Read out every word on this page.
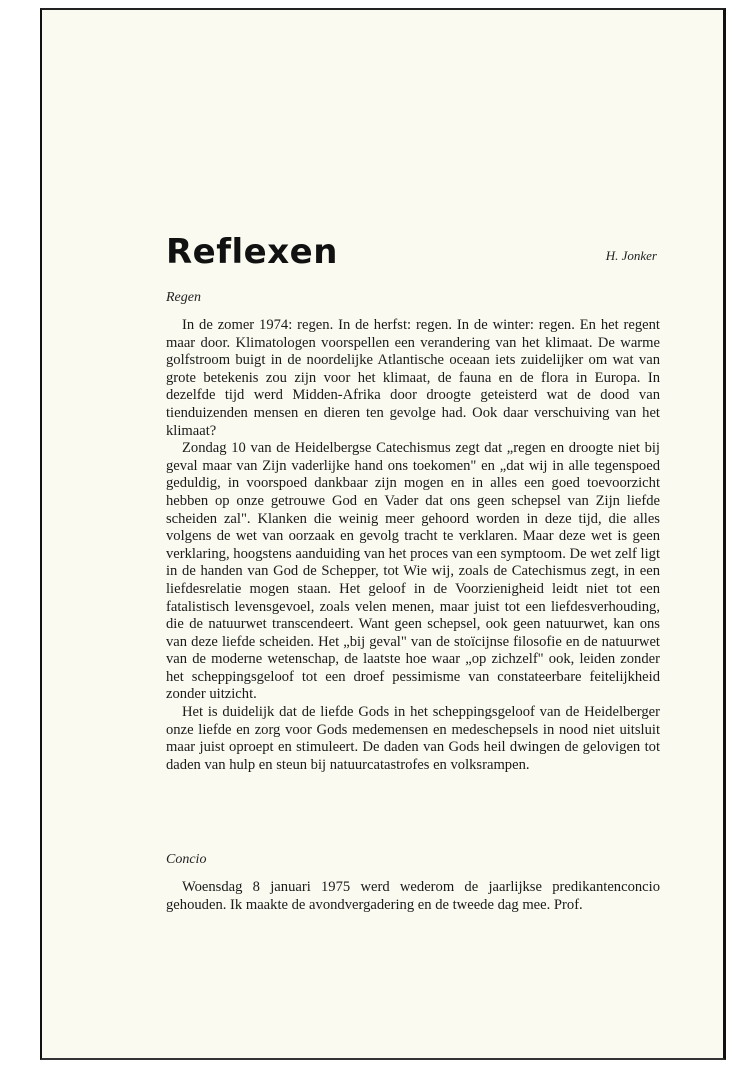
Reflexen	H. Jonker
Regen

In de zomer 1974: regen. In de herfst: regen. In de winter: regen. En het regent maar door. Klimatologen voorspellen een verandering van het klimaat. De warme golfstroom buigt in de noordelijke Atlantische oceaan iets zuidelijker om wat van grote betekenis zou zijn voor het klimaat, de fauna en de flora in Europa. In dezelfde tijd werd Midden-Afrika door droogte geteisterd wat de dood van tienduizenden mensen en dieren ten gevolge had. Ook daar verschuiving van het klimaat?

Zondag 10 van de Heidelbergse Catechismus zegt dat „regen en droogte niet bij geval maar van Zijn vaderlijke hand ons toekomen" en „dat wij in alle tegenspoed geduldig, in voorspoed dankbaar zijn mogen en in alles een goed toevoorzicht hebben op onze getrouwe God en Vader dat ons geen schepsel van Zijn liefde scheiden zal". Klanken die weinig meer gehoord worden in deze tijd, die alles volgens de wet van oorzaak en gevolg tracht te verklaren. Maar deze wet is geen verklaring, hoogstens aanduiding van het proces van een symptoom. De wet zelf ligt in de handen van God de Schepper, tot Wie wij, zoals de Catechismus zegt, in een liefdesrelatie mogen staan. Het geloof in de Voorzienigheid leidt niet tot een fatalistisch levensgevoel, zoals velen menen, maar juist tot een liefdesverhouding, die de natuurwet transcendeert. Want geen schepsel, ook geen natuurwet, kan ons van deze liefde scheiden. Het „bij geval" van de stoïcijnse filosofie en de natuurwet van de moderne wetenschap, de laatste hoe waar „op zichzelf" ook, leiden zonder het scheppingsgeloof tot een droef pessimisme van constateerbare feitelijkheid zonder uitzicht.

Het is duidelijk dat de liefde Gods in het scheppingsgeloof van de Heidelberger onze liefde en zorg voor Gods medemensen en medeschepsels in nood niet uitsluit maar juist oproept en stimuleert. De daden van Gods heil dwingen de gelovigen tot daden van hulp en steun bij natuurcatastrofes en volksrampen.

Concio

Woensdag 8 januari 1975 werd wederom de jaarlijkse predikantenconcio gehouden. Ik maakte de avondvergadering en de tweede dag mee. Prof.
